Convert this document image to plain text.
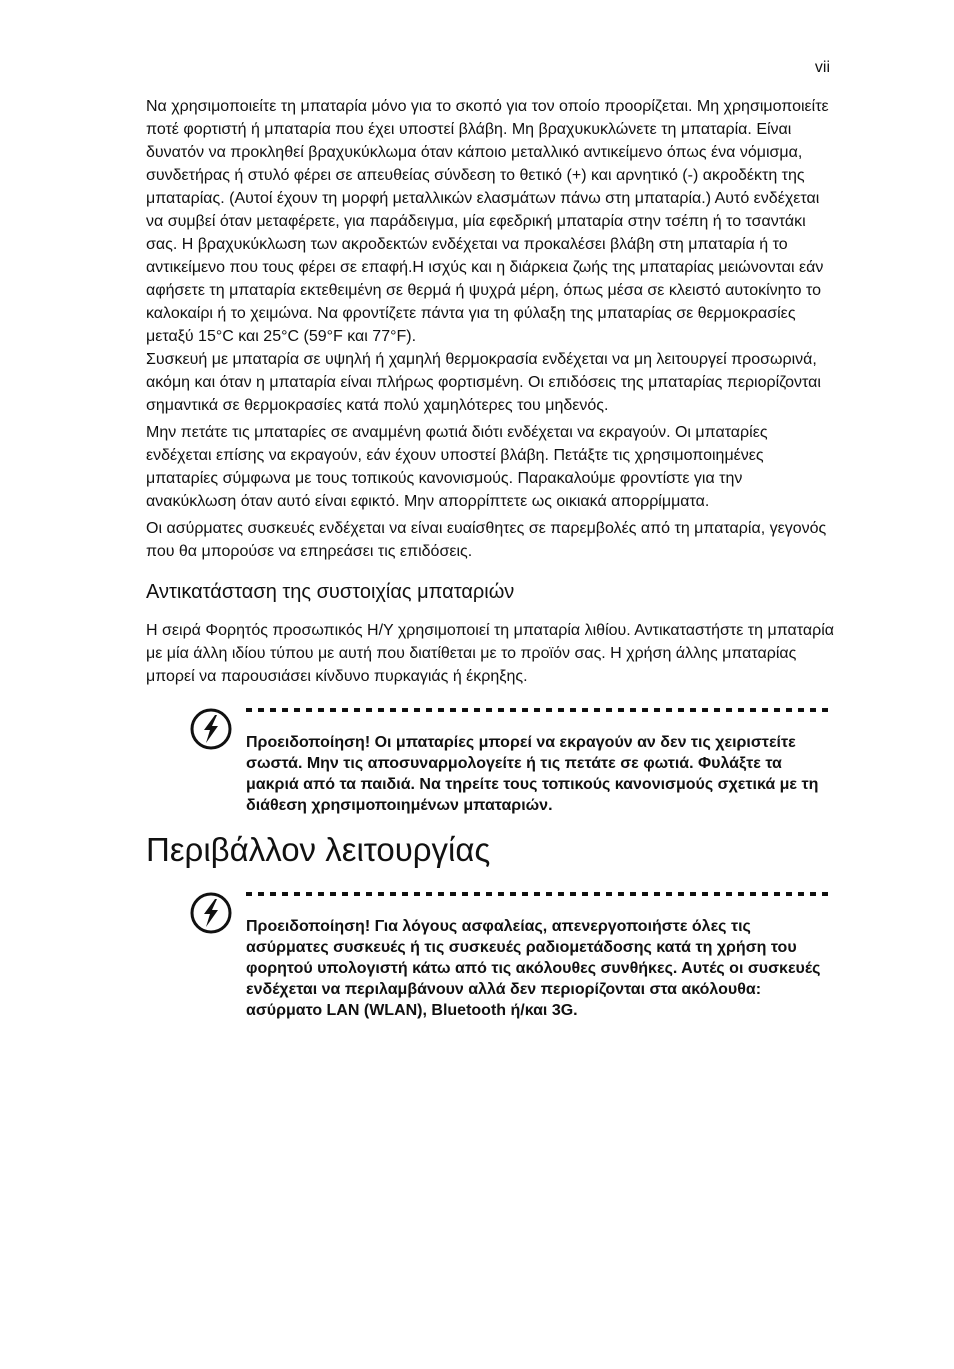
vii

Να χρησιμοποιείτε τη μπαταρία μόνο για το σκοπό για τον οποίο προορίζεται. Μη χρησιμοποιείτε ποτέ φορτιστή ή μπαταρία που έχει υποστεί βλάβη. Μη βραχυκυκλώνετε τη μπαταρία. Είναι δυνατόν να προκληθεί βραχυκύκλωμα όταν κάποιο μεταλλικό αντικείμενο όπως ένα νόμισμα, συνδετήρας ή στυλό φέρει σε απευθείας σύνδεση το θετικό (+) και αρνητικό (-) ακροδέκτη της μπαταρίας. (Αυτοί έχουν τη μορφή μεταλλικών ελασμάτων πάνω στη μπαταρία.) Αυτό ενδέχεται να συμβεί όταν μεταφέρετε, για παράδειγμα, μία εφεδρική μπαταρία στην τσέπη ή το τσαντάκι σας. Η βραχυκύκλωση των ακροδεκτών ενδέχεται να προκαλέσει βλάβη στη μπαταρία ή το αντικείμενο που τους φέρει σε επαφή.Η ισχύς και η διάρκεια ζωής της μπαταρίας μειώνονται εάν αφήσετε τη μπαταρία εκτεθειμένη σε θερμά ή ψυχρά μέρη, όπως μέσα σε κλειστό αυτοκίνητο το καλοκαίρι ή το χειμώνα. Να φροντίζετε πάντα για τη φύλαξη της μπαταρίας σε θερμοκρασίες μεταξύ 15°C και 25°C (59°F και 77°F).

Συσκευή με μπαταρία σε υψηλή ή χαμηλή θερμοκρασία ενδέχεται να μη λειτουργεί προσωρινά, ακόμη και όταν η μπαταρία είναι πλήρως φορτισμένη. Οι επιδόσεις της μπαταρίας περιορίζονται σημαντικά σε θερμοκρασίες κατά πολύ χαμηλότερες του μηδενός.

Μην πετάτε τις μπαταρίες σε αναμμένη φωτιά διότι ενδέχεται να εκραγούν. Οι μπαταρίες ενδέχεται επίσης να εκραγούν, εάν έχουν υποστεί βλάβη. Πετάξτε τις χρησιμοποιημένες μπαταρίες σύμφωνα με τους τοπικούς κανονισμούς. Παρακαλούμε φροντίστε για την ανακύκλωση όταν αυτό είναι εφικτό. Μην απορρίπτετε ως οικιακά απορρίμματα.

Οι ασύρματες συσκευές ενδέχεται να είναι ευαίσθητες σε παρεμβολές από τη μπαταρία, γεγονός που θα μπορούσε να επηρεάσει τις επιδόσεις.

Αντικατάσταση της συστοιχίας μπαταριών

Η σειρά Φορητός προσωπικός Η/Υ χρησιμοποιεί τη μπαταρία λιθίου. Αντικαταστήστε τη μπαταρία με μία άλλη ιδίου τύπου με αυτή που διατίθεται με το προϊόν σας. Η χρήση άλλης μπαταρίας μπορεί να παρουσιάσει κίνδυνο πυρκαγιάς ή έκρηξης.

Προειδοποίηση! Οι μπαταρίες μπορεί να εκραγούν αν δεν τις χειριστείτε σωστά. Μην τις αποσυναρμολογείτε ή τις πετάτε σε φωτιά. Φυλάξτε τα μακριά από τα παιδιά. Να τηρείτε τους τοπικούς κανονισμούς σχετικά με τη διάθεση χρησιμοποιημένων μπαταριών.

Περιβάλλον λειτουργίας

Προειδοποίηση! Για λόγους ασφαλείας, απενεργοποιήστε όλες τις ασύρματες συσκευές ή τις συσκευές ραδιομετάδοσης κατά τη χρήση του φορητού υπολογιστή κάτω από τις ακόλουθες συνθήκες. Αυτές οι συσκευές ενδέχεται να περιλαμβάνουν αλλά δεν περιορίζονται στα ακόλουθα: ασύρματο LAN (WLAN), Bluetooth ή/και 3G.
